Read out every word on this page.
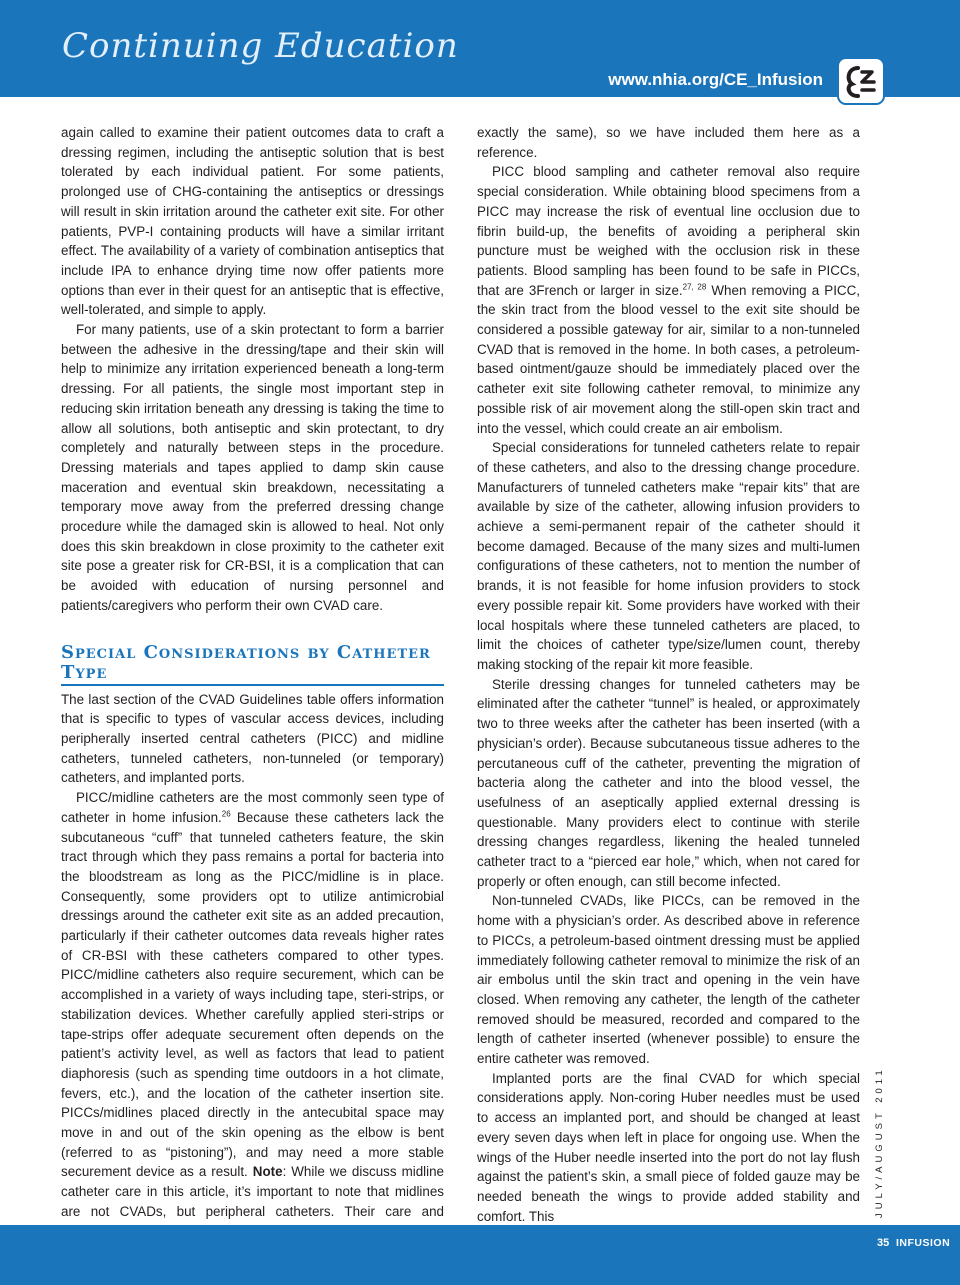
Continuing Education
www.nhia.org/CE_Infusion

again called to examine their patient outcomes data to craft a dressing regimen, including the antiseptic solution that is best tolerated by each individual patient. For some patients, prolonged use of CHG-containing the antiseptics or dressings will result in skin irritation around the catheter exit site. For other patients, PVP-I containing products will have a similar irritant effect. The availability of a variety of combination antiseptics that include IPA to enhance drying time now offer patients more options than ever in their quest for an antiseptic that is effective, well-tolerated, and simple to apply.

For many patients, use of a skin protectant to form a barrier between the adhesive in the dressing/tape and their skin will help to minimize any irritation experienced beneath a long-term dressing. For all patients, the single most important step in reducing skin irritation beneath any dressing is taking the time to allow all solutions, both antiseptic and skin protectant, to dry completely and naturally between steps in the procedure. Dressing materials and tapes applied to damp skin cause maceration and eventual skin breakdown, necessitating a temporary move away from the preferred dressing change procedure while the damaged skin is allowed to heal. Not only does this skin breakdown in close proximity to the catheter exit site pose a greater risk for CR-BSI, it is a complication that can be avoided with education of nursing personnel and patients/caregivers who perform their own CVAD care.

Special Considerations by Catheter Type

The last section of the CVAD Guidelines table offers information that is specific to types of vascular access devices, including peripherally inserted central catheters (PICC) and midline catheters, tunneled catheters, non-tunneled (or temporary) catheters, and implanted ports.

PICC/midline catheters are the most commonly seen type of catheter in home infusion.$^{26}$ Because these catheters lack the subcutaneous “cuff” that tunneled catheters feature, the skin tract through which they pass remains a portal for bacteria into the bloodstream as long as the PICC/midline is in place. Consequently, some providers opt to utilize antimicrobial dressings around the catheter exit site as an added precaution, particularly if their catheter outcomes data reveals higher rates of CR-BSI with these catheters compared to other types. PICC/midline catheters also require securement, which can be accomplished in a variety of ways including tape, steri-strips, or stabilization devices. Whether carefully applied steri-strips or tape-strips offer adequate securement often depends on the patient’s activity level, as well as factors that lead to patient diaphoresis (such as spending time outdoors in a hot climate, fevers, etc.), and the location of the catheter insertion site. PICCs/midlines placed directly in the antecubital space may move in and out of the skin opening as the elbow is bent (referred to as “pistoning”), and may need a more stable securement device as a result. Note: While we discuss midline catheter care in this article, it’s important to note that midlines are not CVADs, but peripheral catheters. Their care and

exactly the same), so we have included them here as a reference.

PICC blood sampling and catheter removal also require special consideration. While obtaining blood specimens from a PICC may increase the risk of eventual line occlusion due to fibrin build-up, the benefits of avoiding a peripheral skin puncture must be weighed with the occlusion risk in these patients. Blood sampling has been found to be safe in PICCs, that are 3French or larger in size.$^{27, 28}$ When removing a PICC, the skin tract from the blood vessel to the exit site should be considered a possible gateway for air, similar to a non-tunneled CVAD that is removed in the home. In both cases, a petroleum-based ointment/gauze should be immediately placed over the catheter exit site following catheter removal, to minimize any possible risk of air movement along the still-open skin tract and into the vessel, which could create an air embolism.

Special considerations for tunneled catheters relate to repair of these catheters, and also to the dressing change procedure. Manufacturers of tunneled catheters make “repair kits” that are available by size of the catheter, allowing infusion providers to achieve a semi-permanent repair of the catheter should it become damaged. Because of the many sizes and multi-lumen configurations of these catheters, not to mention the number of brands, it is not feasible for home infusion providers to stock every possible repair kit. Some providers have worked with their local hospitals where these tunneled catheters are placed, to limit the choices of catheter type/size/lumen count, thereby making stocking of the repair kit more feasible.

Sterile dressing changes for tunneled catheters may be eliminated after the catheter “tunnel” is healed, or approximately two to three weeks after the catheter has been inserted (with a physician’s order). Because subcutaneous tissue adheres to the percutaneous cuff of the catheter, preventing the migration of bacteria along the catheter and into the blood vessel, the usefulness of an aseptically applied external dressing is questionable. Many providers elect to continue with sterile dressing changes regardless, likening the healed tunneled catheter tract to a “pierced ear hole,” which, when not cared for properly or often enough, can still become infected.

Non-tunneled CVADs, like PICCs, can be removed in the home with a physician’s order. As described above in reference to PICCs, a petroleum-based ointment dressing must be applied immediately following catheter removal to minimize the risk of an air embolus until the skin tract and opening in the vein have closed. When removing any catheter, the length of the catheter removed should be measured, recorded and compared to the length of catheter inserted (whenever possible) to ensure the entire catheter was removed.

Implanted ports are the final CVAD for which special considerations apply. Non-coring Huber needles must be used to access an implanted port, and should be changed at least every seven days when left in place for ongoing use. When the wings of the Huber needle inserted into the port do not lay flush against the patient’s skin, a small piece of folded gauze may be needed beneath the wings to provide added stability and comfort. This	JULY/AUGUST 2011
35 INFUSION
